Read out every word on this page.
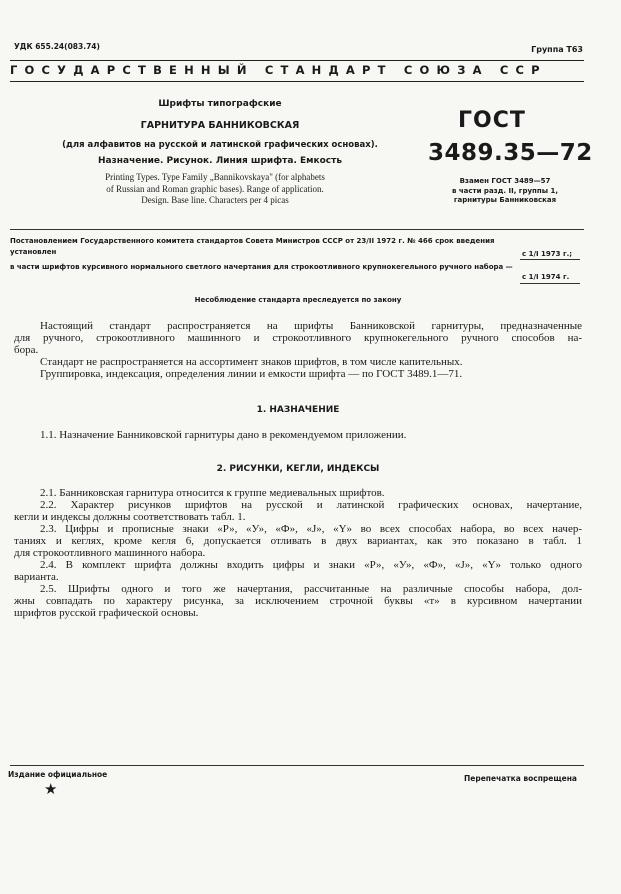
УДК 655.24(083.74)	Группа Т63
ГОСУДАРСТВЕННЫЙ СТАНДАРТ СОЮЗА ССР
Шрифты типографские
ГАРНИТУРА БАННИКОВСКАЯ
(для алфавитов на русской и латинской графических основах).
Назначение. Рисунок. Линия шрифта. Емкость
Printing Types. Type Family „Bannikovskaya" (for alphabets
of Russian and Roman graphic bases). Range of application.
Design. Base line. Characters per 4 picas
ГОСТ
3489.35—72
Взамен ГОСТ 3489—57
в части разд. II, группы 1,
гарнитуры Банниковская
Постановлением Государственного комитета стандартов Совета Министров СССР от 23/II 1972 г. № 466 срок введения
установлен	с 1/I 1973 г.;
в части шрифтов курсивного нормального светлого начертания для строкоотливного крупнокегельного ручного набора —
с 1/I 1974 г.
Несоблюдение стандарта преследуется по закону
Настоящий стандарт распространяется на шрифты Банниковской гарнитуры, предназначенные
для ручного, строкоотливного машинного и строкоотливного крупнокегельного ручного способов на-
бора.
Стандарт не распространяется на ассортимент знаков шрифтов, в том числе капительных.
Группировка, индексация, определения линии и емкости шрифта — по ГОСТ 3489.1—71.
1. НАЗНАЧЕНИЕ
1.1. Назначение Банниковской гарнитуры дано в рекомендуемом приложении.
2. РИСУНКИ, КЕГЛИ, ИНДЕКСЫ
2.1. Банниковская гарнитура относится к группе медиевальных шрифтов.
2.2. Характер рисунков шрифтов на русской и латинской графических основах, начертание,
кегли и индексы должны соответствовать табл. 1.
2.3. Цифры и прописные знаки «Р», «У», «Ф», «J», «Y» во всех способах набора, во всех начер-
таниях и кеглях, кроме кегля 6, допускается отливать в двух вариантах, как это показано в табл. 1
для строкоотливного машинного набора.
2.4. В комплект шрифта должны входить цифры и знаки «Р», «У», «Ф», «J», «Y» только одного
варианта.
2.5. Шрифты одного и того же начертания, рассчитанные на различные способы набора, дол-
жны совпадать по характеру рисунка, за исключением строчной буквы «т» в курсивном начертании
шрифтов русской графической основы.
Издание официальное
★
Перепечатка воспрещена
